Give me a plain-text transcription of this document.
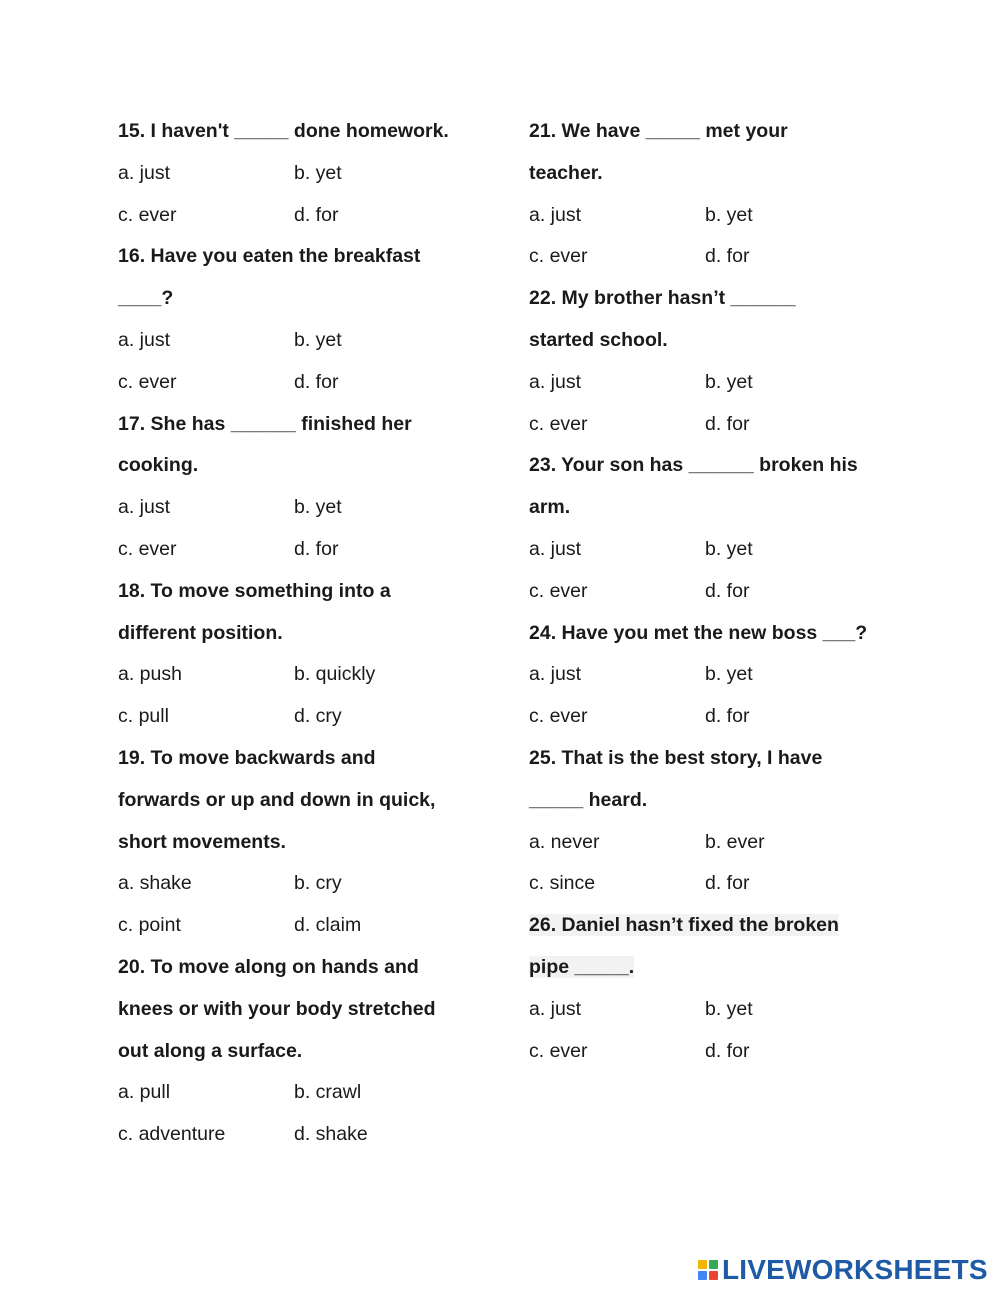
15. I haven't _____ done homework.
a. just	b. yet
c. ever	d. for
16. Have you eaten the breakfast
____?
a. just	b. yet
c. ever	d. for
17. She has ______ finished her
cooking.
a. just	b. yet
c. ever	d. for
18. To move something into a
different position.
a. push	b. quickly
c. pull	d. cry
19. To move backwards and
forwards or up and down in quick,
short movements.
a. shake	b. cry
c. point	d. claim
20. To move along on hands and
knees or with your body stretched
out along a surface.
a. pull	b. crawl
c. adventure	d. shake
21. We have _____ met your
teacher.
a. just	b. yet
c. ever	d. for
22. My brother hasn’t ______
started school.
a. just	b. yet
c. ever	d. for
23. Your son has ______ broken his
arm.
a. just	b. yet
c. ever	d. for
24. Have you met the new boss ___?
a. just	b. yet
c. ever	d. for
25. That is the best story, I have
_____ heard.
a. never	b. ever
c. since	d. for
26. Daniel hasn’t fixed the broken
pipe _____.
a. just	b. yet
c. ever	d. for
LIVEWORKSHEETS
